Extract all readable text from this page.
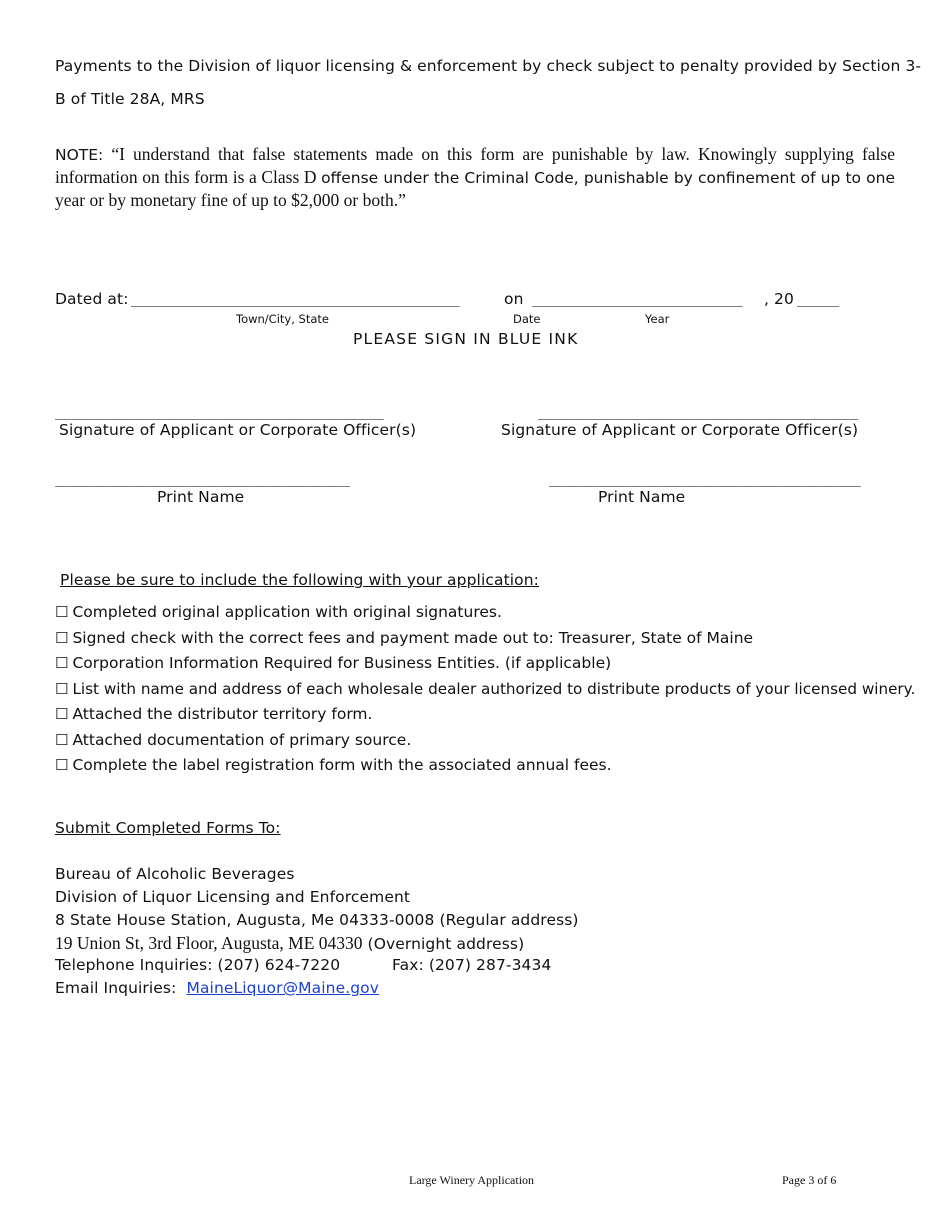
Payments to the Division of liquor licensing & enforcement by check subject to penalty provided by Section 3-
B of Title 28A, MRS
NOTE: “I understand that false statements made on this form are punishable by law. Knowingly supplying false information on this form is a Class D offense under the Criminal Code, punishable by confinement of up to one year or by monetary fine of up to $2,000 or both.”
Dated at: _______________________________________	on _________________________ , 20 _____
Town/City, State	Date	Year
PLEASE SIGN IN BLUE INK
_______________________________________	______________________________________
Signature of Applicant or Corporate Officer(s)	Signature of Applicant or Corporate Officer(s)
___________________________________	_____________________________________
Print Name	Print Name
Please be sure to include the following with your application:
☐ Completed original application with original signatures.
☐ Signed check with the correct fees and payment made out to: Treasurer, State of Maine
☐ Corporation Information Required for Business Entities. (if applicable)
☐ List with name and address of each wholesale dealer authorized to distribute products of your licensed winery.
☐ Attached the distributor territory form.
☐ Attached documentation of primary source.
☐ Complete the label registration form with the associated annual fees.
Submit Completed Forms To:
Bureau of Alcoholic Beverages
Division of Liquor Licensing and Enforcement
8 State House Station, Augusta, Me 04333-0008 (Regular address)
19 Union St, 3rd Floor, Augusta, ME 04330 (Overnight address)
Telephone Inquiries: (207) 624-7220	Fax: (207) 287-3434
Email Inquiries: MaineLiquor@Maine.gov
Large Winery Application	Page 3 of 6
